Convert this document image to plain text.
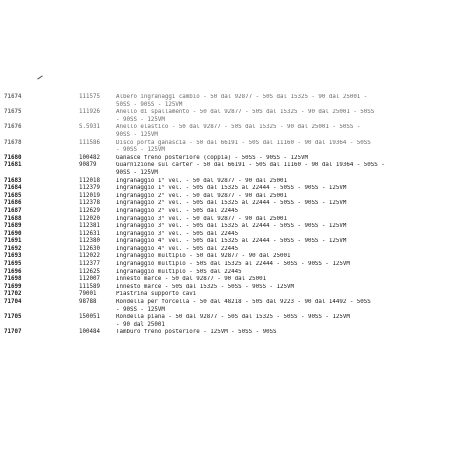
71674	111575	Albero ingranaggi cambio - 50 dal 92877 - 50S dal 15325 - 90 dal 25001 -
50SS - 90SS - 125VM
71675	111926	Anello di spallamento - 50 dal 92877 - 50S dal 15325 - 90 dal 25001 - 50SS
- 90SS - 125VM
71676	S.5931	Anello elastico - 50 dal 92877 - 50S dal 15325 - 90 dal 25001 - 50SS -
90SS - 125VM
71678	111586	Disco porta ganascia - 50 dal 66191 - 50S dal 11160 - 90 dal 19364 - 50SS
- 90SS - 125VM
71680	100482	Ganasce freno posteriore (coppia) - 50SS - 90SS - 125VM
71681	90879	Guarnizione sul carter - 50 dal 66191 - 50S dal 11160 - 90 dal 19364 - 50SS -
90SS - 125VM
71683	112018	Ingranaggio 1° vel. - 50 dal 92877 - 90 dal 25001
71684	112379	Ingranaggio 1° vel. - 50S dal 15325 al 22444 - 50SS - 90SS - 125VM
71685	112019	Ingranaggio 2° vel. - 50 dal 92877 - 90 dal 25001
71686	112378	Ingranaggio 2° vel. - 50S dal 15325 al 22444 - 50SS - 90SS - 125VM
71687	112629	Ingranaggio 2° vel. - 50S dal 22445
71688	112020	Ingranaggio 3° vel. - 50 dal 92877 - 90 dal 25001
71689	112381	Ingranaggio 3° vel. - 50S dal 15325 al 22444 - 50SS - 90SS - 125VM
71690	112631	Ingranaggio 3° vel. - 50S dal 22445
71691	112380	Ingranaggio 4° vel. - 50S dal 15325 al 22444 - 50SS - 90SS - 125VM
71692	112630	Ingranaggio 4° vel. - 50S dal 22445
71693	112022	Ingranaggio multiplo - 50 dal 92877 - 90 dal 25001
71695	112377	Ingranaggio multiplo - 50S dal 15325 al 22444 - 50SS - 90SS - 125VM
71696	112625	Ingranaggio multiplo - 50S dal 22445
71698	112007	Innesto marce - 50 dal 92877 - 90 dal 25001
71699	111589	Innesto marce - 50S dal 15325 - 50SS - 90SS - 125VM
71702	79001	Piastrina supporto cavi
71704	98788	Rondella per forcella - 50 dal 48218 - 50S dal 9223 - 90 dal 14492 - 50SS
- 90SS - 125VM
71705	150051	Rondella piana - 50 dal 92877 - 50S dal 15325 - 50SS - 90SS - 125VM
- 90 dal 25001
71707	100484	Tamburo freno posteriore - 125VM - 50SS - 90SS
